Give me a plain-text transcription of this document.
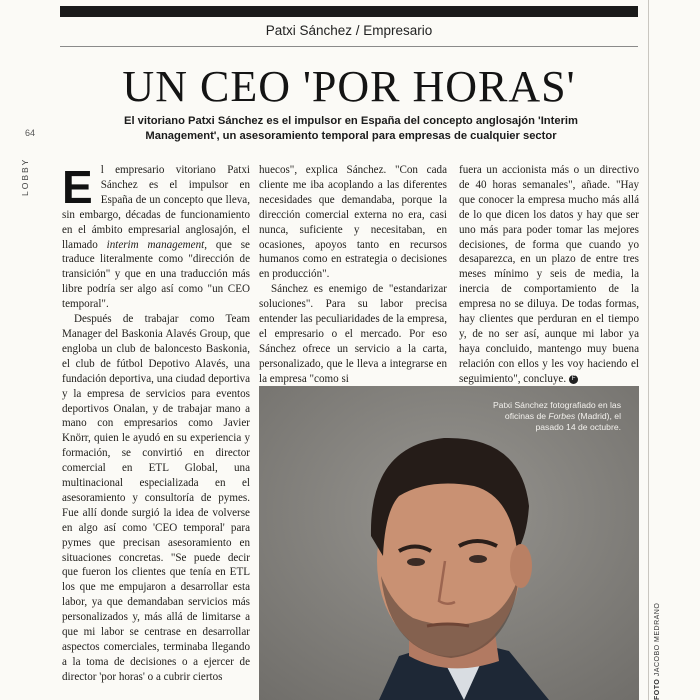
Patxi Sánchez / Empresario
UN CEO 'POR HORAS'
El vitoriano Patxi Sánchez es el impulsor en España del concepto anglosajón 'Interim Management', un asesoramiento temporal para empresas de cualquier sector
64
LOBBY El empresario vitoriano Patxi Sánchez es el impulsor en España de un concepto que lleva, sin embargo, décadas de funcionamiento en el ámbito empresarial anglosajón, el llamado interim management, que se traduce literalmente como "dirección de transición" y que en una traducción más libre podría ser algo así como "un CEO temporal".

Después de trabajar como Team Manager del Baskonia Alavés Group, que engloba un club de baloncesto Baskonia, el club de fútbol Depotivo Alavés, una fundación deportiva, una ciudad deportiva y la empresa de servicios para eventos deportivos Onalan, y de trabajar mano a mano con empresarios como Javier Knörr, quien le ayudó en su experiencia y formación, se convirtió en director comercial en ETL Global, una multinacional especializada en el asesoramiento y consultoría de pymes. Fue allí donde surgió la idea de volverse en algo así como 'CEO temporal' para pymes que precisan asesoramiento en situaciones concretas. "Se puede decir que fueron los clientes que tenía en ETL los que me empujaron a desarrollar esta labor, ya que demandaban servicios más personalizados y, más allá de limitarse a que mi labor se centrase en desarrollar aspectos comerciales, terminaba llegando a la toma de decisiones o a ejercer de director 'por horas' o a cubrir ciertos

huecos", explica Sánchez. "Con cada cliente me iba acoplando a las diferentes necesidades que demandaba, porque la dirección comercial externa no era, casi nunca, suficiente y necesitaban, en ocasiones, apoyos tanto en recursos humanos como en estrategia o decisiones en producción".

Sánchez es enemigo de "estandarizar soluciones". Para su labor precisa entender las peculiaridades de la empresa, el empresario o el mercado. Por eso Sánchez ofrece un servicio a la carta, personalizado, que le lleva a integrarse en la empresa "como si

fuera un accionista más o un directivo de 40 horas semanales", añade. "Hay que conocer la empresa mucho más allá de lo que dicen los datos y hay que ser uno más para poder tomar las mejores decisiones, de forma que cuando yo desaparezca, en un plazo de entre tres meses mínimo y seis de media, la inercia de comportamiento de la empresa no se diluya. De todas formas, hay clientes que perduran en el tiempo y, de no ser así, aunque mi labor ya haya concluido, mantengo muy buena relación con ellos y les voy haciendo el seguimiento", concluye. F

Patxi Sánchez fotografiado en las oficinas de Forbes (Madrid), el pasado 14 de octubre.
FOTO JACOBO MEDRANO
